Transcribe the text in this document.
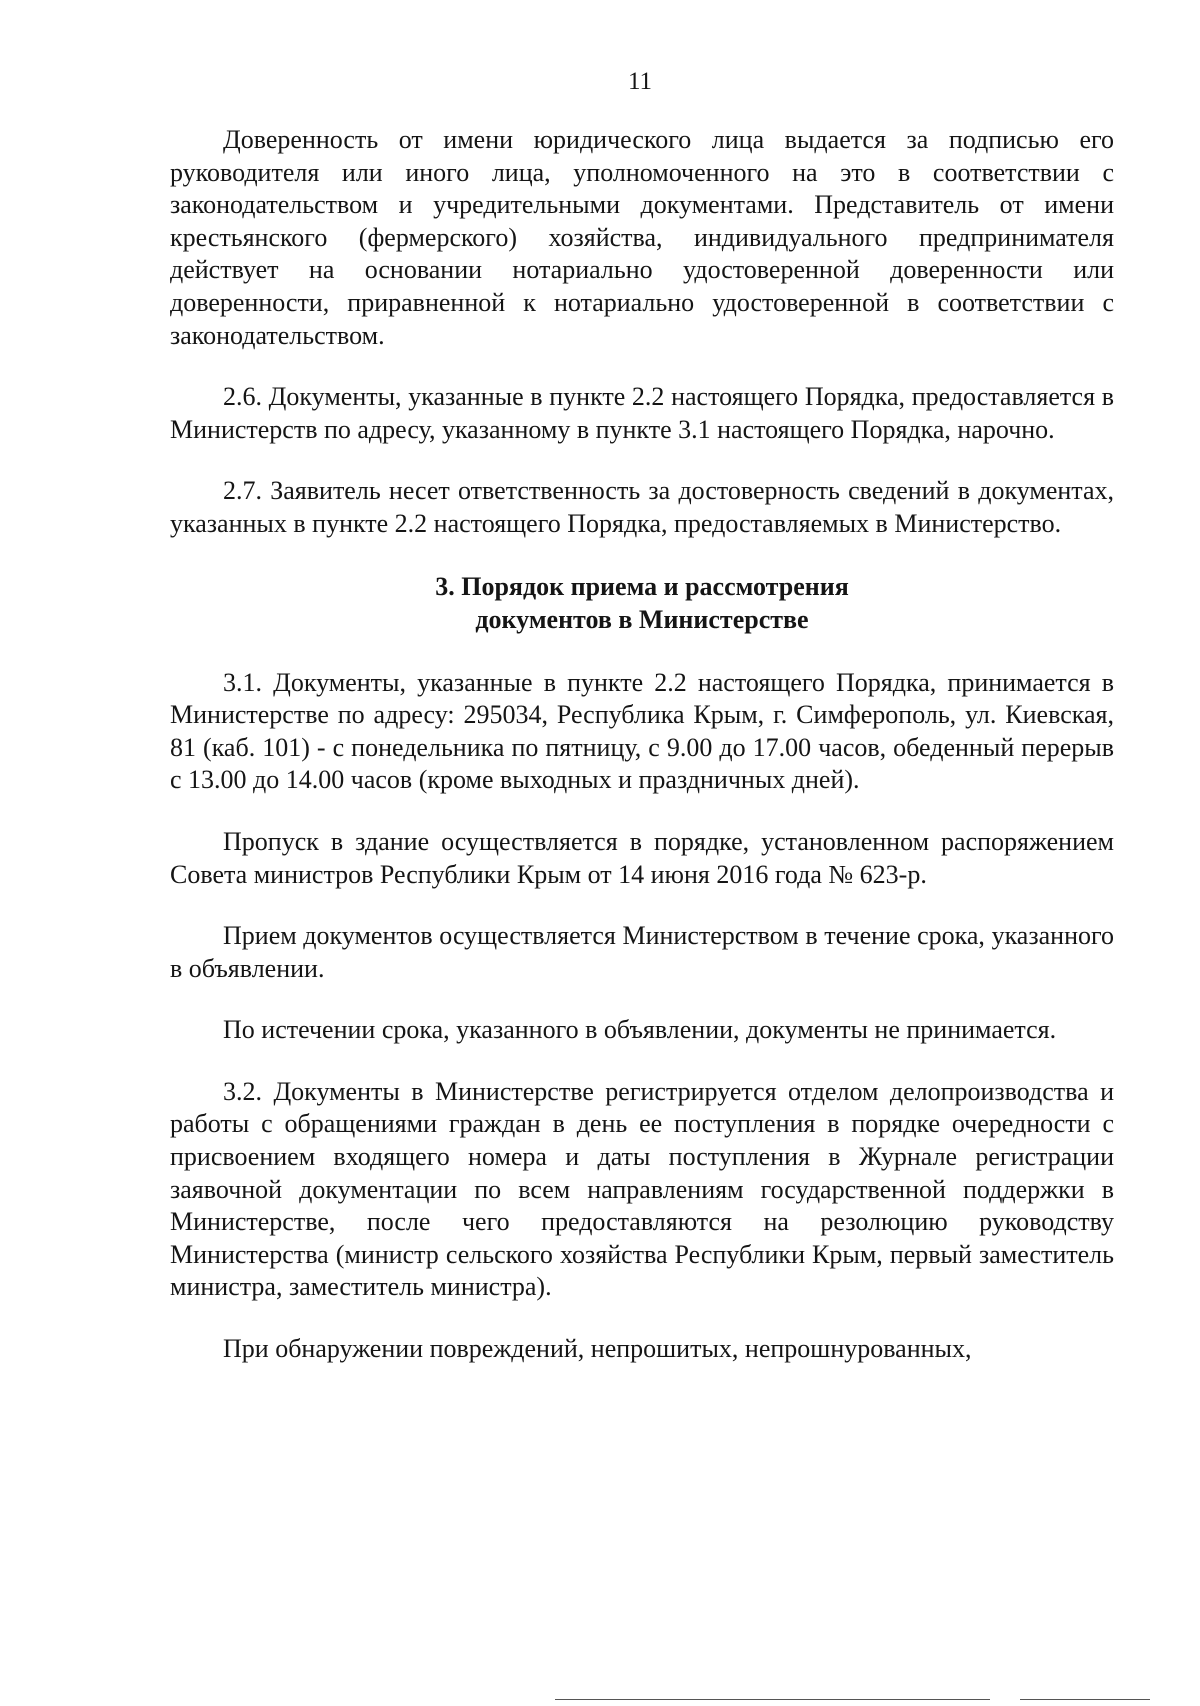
11

Доверенность от имени юридического лица выдается за подписью его руководителя или иного лица, уполномоченного на это в соответствии с законодательством и учредительными документами. Представитель от имени крестьянского (фермерского) хозяйства, индивидуального предпринимателя действует на основании нотариально удостоверенной доверенности или доверенности, приравненной к нотариально удостоверенной в соответствии с законодательством.

2.6. Документы, указанные в пункте 2.2 настоящего Порядка, предоставляется в Министерств по адресу, указанному в пункте 3.1 настоящего Порядка, нарочно.

2.7. Заявитель несет ответственность за достоверность сведений в документах, указанных в пункте 2.2 настоящего Порядка, предоставляемых в Министерство.

3. Порядок приема и рассмотрения
документов в Министерстве

3.1. Документы, указанные в пункте 2.2 настоящего Порядка, принимается в Министерстве по адресу: 295034, Республика Крым, г. Симферополь, ул. Киевская, 81 (каб. 101) - с понедельника по пятницу, с 9.00 до 17.00 часов, обеденный перерыв с 13.00 до 14.00 часов (кроме выходных и праздничных дней).

Пропуск в здание осуществляется в порядке, установленном распоряжением Совета министров Республики Крым от 14 июня 2016 года № 623-р.

Прием документов осуществляется Министерством в течение срока, указанного в объявлении.

По истечении срока, указанного в объявлении, документы не принимается.

3.2. Документы в Министерстве регистрируется отделом делопроизводства и работы с обращениями граждан в день ее поступления в порядке очередности с присвоением входящего номера и даты поступления в Журнале регистрации заявочной документации по всем направлениям государственной поддержки в Министерстве, после чего предоставляются на резолюцию руководству Министерства (министр сельского хозяйства Республики Крым, первый заместитель министра, заместитель министра).

При обнаружении повреждений, непрошитых, непрошнурованных,
